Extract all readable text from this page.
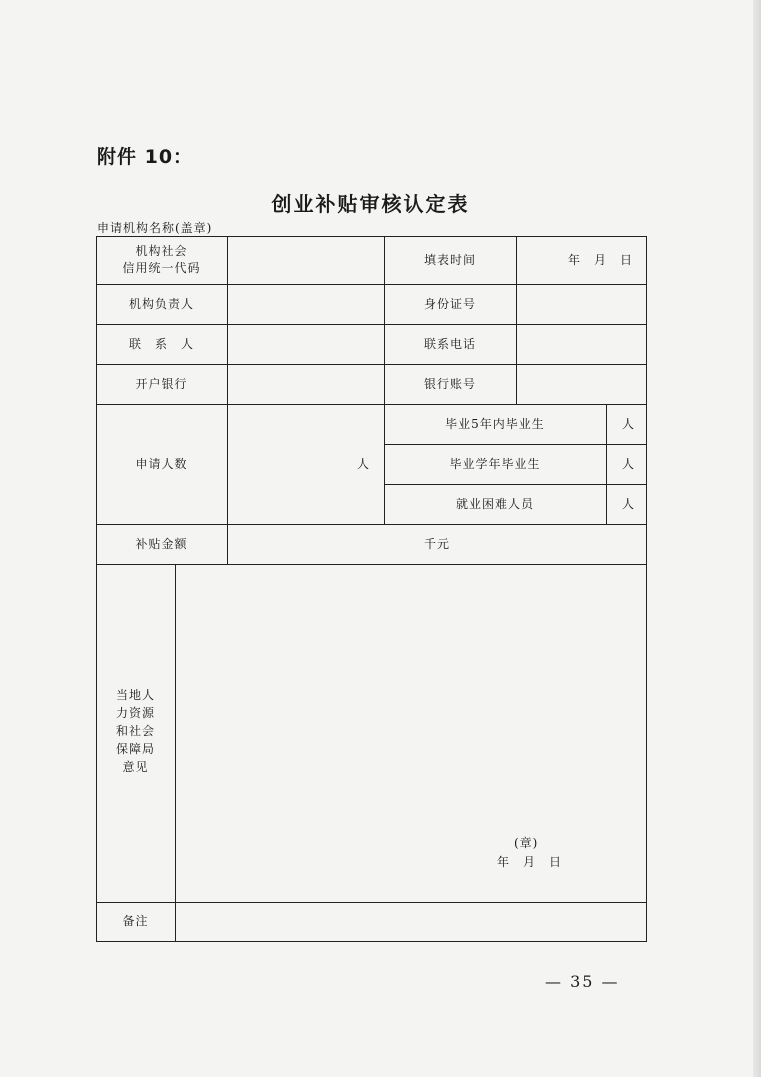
附件 10：
创业补贴审核认定表
申请机构名称(盖章)
机构社会
信用统一代码
填表时间	年　月　日
机构负责人	身份证号
联　系　人	联系电话
开户银行	银行账号
申请人数	人
毕业5年内毕业生	人
毕业学年毕业生	人
就业困难人员	人
补贴金额	千元
当地人
力资源
和社会
保障局
意见
(章)
年　月　日
备注
— 35 —
